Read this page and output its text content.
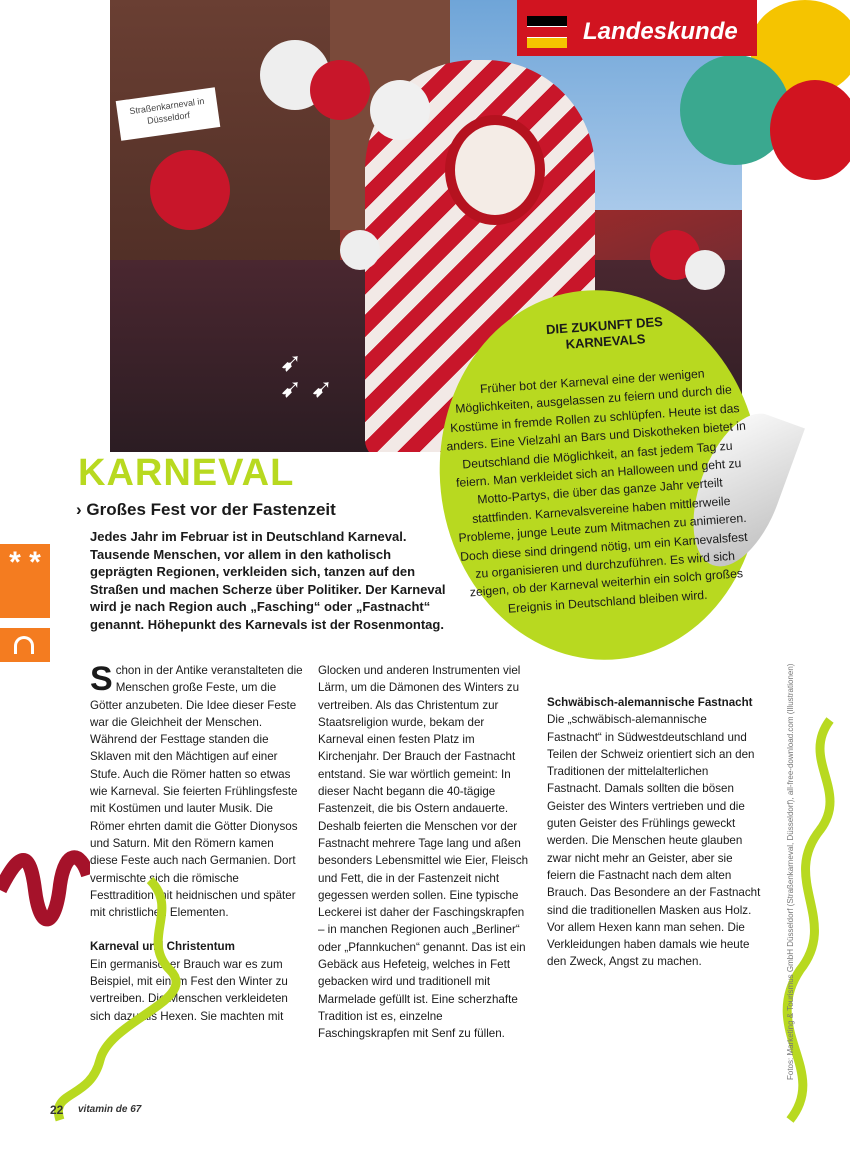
➹
➹ ➹
Straßenkarneval in Düsseldorf
Landeskunde
DIE ZUKUNFT DES KARNEVALS
Früher bot der Karneval eine der wenigen Möglichkeiten, ausgelassen zu feiern und durch die Kostüme in fremde Rollen zu schlüpfen. Heute ist das anders. Eine Vielzahl an Bars und Diskotheken bietet in Deutschland die Möglichkeit, an fast jedem Tag zu feiern. Man verkleidet sich an Halloween und geht zu Motto-Partys, die über das ganze Jahr verteilt stattfinden. Karnevalsvereine haben mittlerweile Probleme, junge Leute zum Mitmachen zu animieren. Doch diese sind dringend nötig, um ein Karnevalsfest zu organisieren und durchzuführen. Es wird sich zeigen, ob der Karneval weiterhin ein solch großes Ereignis in Deutschland bleiben wird.
KARNEVAL
› Großes Fest vor der Fastenzeit
Jedes Jahr im Februar ist in Deutschland Karneval. Tausende Menschen, vor allem in den katholisch geprägten Regionen, verkleiden sich, tanzen auf den Straßen und machen Scherze über Politiker. Der Karneval wird je nach Region auch „Fasching“ oder „Fastnacht“ genannt. Höhepunkt des Karnevals ist der Rosenmontag.
* *

Schon in der Antike veranstalteten die Menschen große Feste, um die Götter anzubeten. Die Idee dieser Feste war die Gleichheit der Menschen. Während der Festtage standen die Sklaven mit den Mächtigen auf einer Stufe. Auch die Römer hatten so etwas wie Karneval. Sie feierten Frühlingsfeste mit Kostümen und lauter Musik. Die Römer ehrten damit die Götter Dionysos und Saturn. Mit den Römern kamen diese Feste auch nach Germanien. Dort vermischte sich die römische Festtradition mit heidnischen und später mit christlichen Elementen.

Karneval und Christentum

Ein germanischer Brauch war es zum Beispiel, mit einem Fest den Winter zu vertreiben. Die Menschen verkleideten sich dazu als Hexen. Sie machten mit

Glocken und anderen Instrumenten viel Lärm, um die Dämonen des Winters zu vertreiben. Als das Christentum zur Staatsreligion wurde, bekam der Karneval einen festen Platz im Kirchenjahr. Der Brauch der Fastnacht entstand. Sie war wörtlich gemeint: In dieser Nacht begann die 40-tägige Fastenzeit, die bis Ostern andauerte. Deshalb feierten die Menschen vor der Fastnacht mehrere Tage lang und aßen besonders Lebensmittel wie Eier, Fleisch und Fett, die in der Fastenzeit nicht gegessen werden sollen. Eine typische Leckerei ist daher der Faschingskrapfen – in manchen Regionen auch „Berliner“ oder „Pfannkuchen“ genannt. Das ist ein Gebäck aus Hefeteig, welches in Fett gebacken wird und traditionell mit Marmelade gefüllt ist. Eine scherzhafte Tradition ist es, einzelne Faschingskrapfen mit Senf zu füllen.

Schwäbisch-alemannische Fastnacht

Die „schwäbisch-alemannische Fastnacht“ in Südwestdeutschland und Teilen der Schweiz orientiert sich an den Traditionen der mittelalterlichen Fastnacht. Damals sollten die bösen Geister des Winters vertrieben und die guten Geister des Frühlings geweckt werden. Die Menschen heute glauben zwar nicht mehr an Geister, aber sie feiern die Fastnacht nach dem alten Brauch. Das Besondere an der Fastnacht sind die traditionellen Masken aus Holz. Vor allem Hexen kann man sehen. Die Verkleidungen haben damals wie heute den Zweck, Angst zu machen.	Fotos: Marketing & Tourismus GmbH Düsseldorf (Straßenkarneval, Düsseldorf), all-free-download.com (Illustrationen)
22 vitamin de 67
